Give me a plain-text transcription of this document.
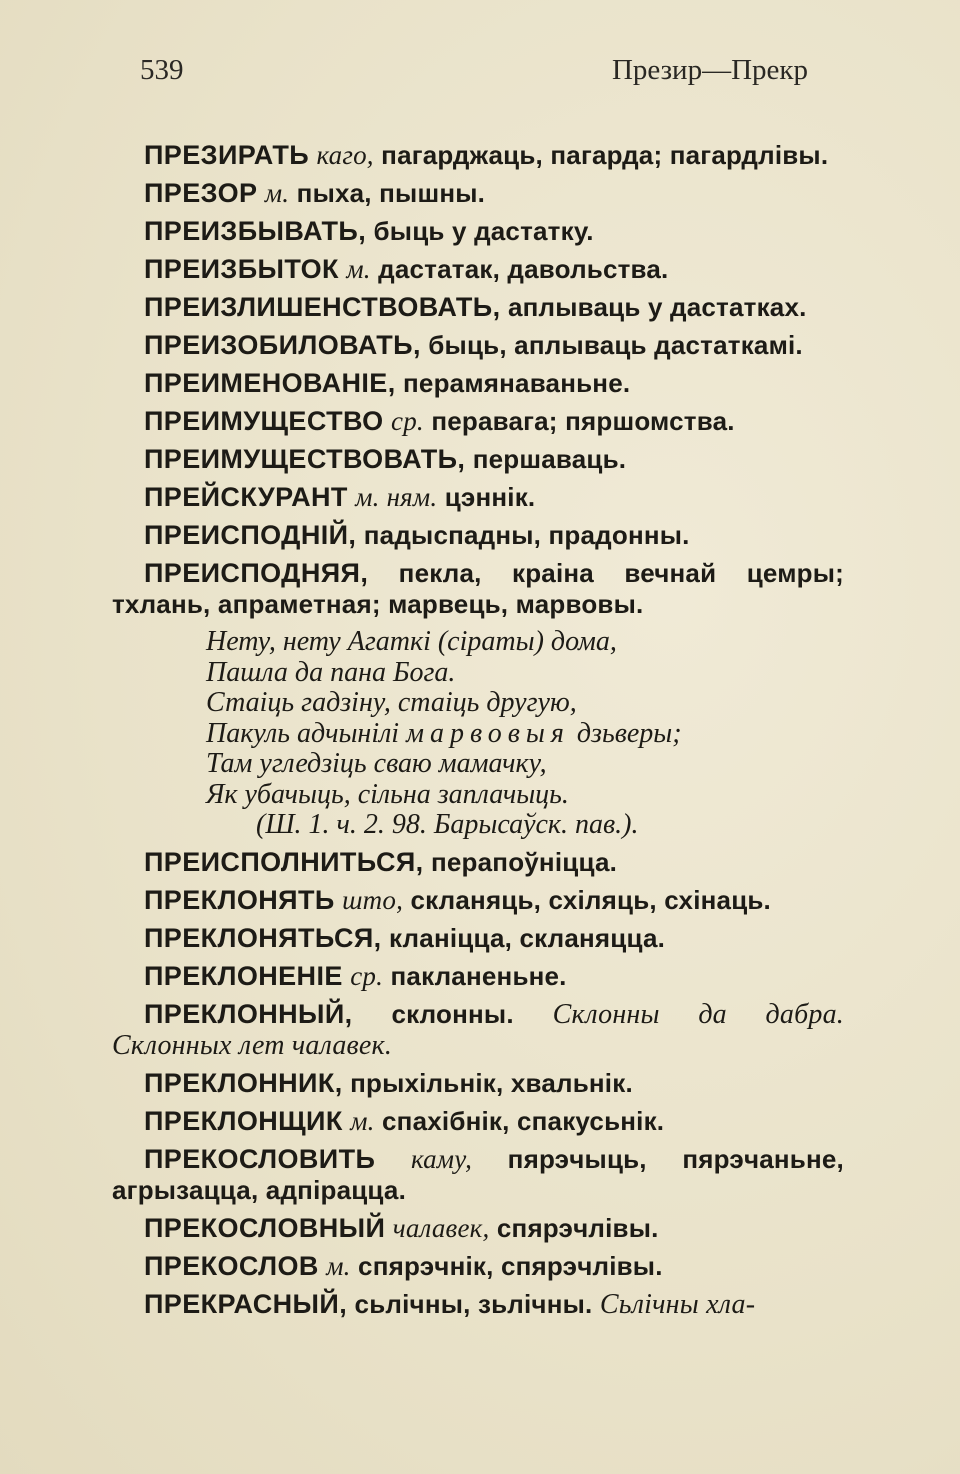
539	Презир—Прекр

ПРЕЗИРАТЬ каго, пагарджаць, пагарда; пагардлівы.

ПРЕЗОР м. пыха, пышны.

ПРЕИЗБЫВАТЬ, быць у дастатку.

ПРЕИЗБЫТОК м. дастатак, давольства.

ПРЕИЗЛИШЕНСТВОВАТЬ, аплываць у дастатках.

ПРЕИЗОБИЛОВАТЬ, быць, аплываць дастаткамі.

ПРЕИМЕНОВАНІЕ, перамянаваньне.

ПРЕИМУЩЕСТВО ср. перавага; пяршомства.

ПРЕИМУЩЕСТВОВАТЬ, першаваць.

ПРЕЙСКУРАНТ м. ням. цэннік.

ПРЕИСПОДНІЙ, падыспадны, прадонны.

ПРЕИСПОДНЯЯ, пекла, краіна вечнай цемры; тхлань, апраметная; марвець, марвовы.

Нету, нету Агаткі (сіраты) дома,
Пашла да пана Бога.
Стаіць гадзіну, стаіць другую,
Пакуль адчынілі марвовыя дзьверы;
Там угледзіць сваю мамачку,
Як убачыць, сільна заплачыць.
(Ш. 1. ч. 2. 98. Барысаўск. пав.).

ПРЕИСПОЛНИТЬСЯ, перапоўніцца.

ПРЕКЛОНЯТЬ што, скланяць, схіляць, схінаць.

ПРЕКЛОНЯТЬСЯ, кланіцца, скланяцца.

ПРЕКЛОНЕНІЕ ср. пакланеньне.

ПРЕКЛОННЫЙ, склонны. Склонны да дабра. Склонных лет чалавек.

ПРЕКЛОННИК, прыхільнік, хвальнік.

ПРЕКЛОНЩИК м. спахібнік, спакусьнік.

ПРЕКОСЛОВИТЬ каму, пярэчыць, пярэчаньне, агрызацца, адпірацца.

ПРЕКОСЛОВНЫЙ чалавек, спярэчлівы.

ПРЕКОСЛОВ м. спярэчнік, спярэчлівы.

ПРЕКРАСНЫЙ, сьлічны, зьлічны. Сьлічны хла-
